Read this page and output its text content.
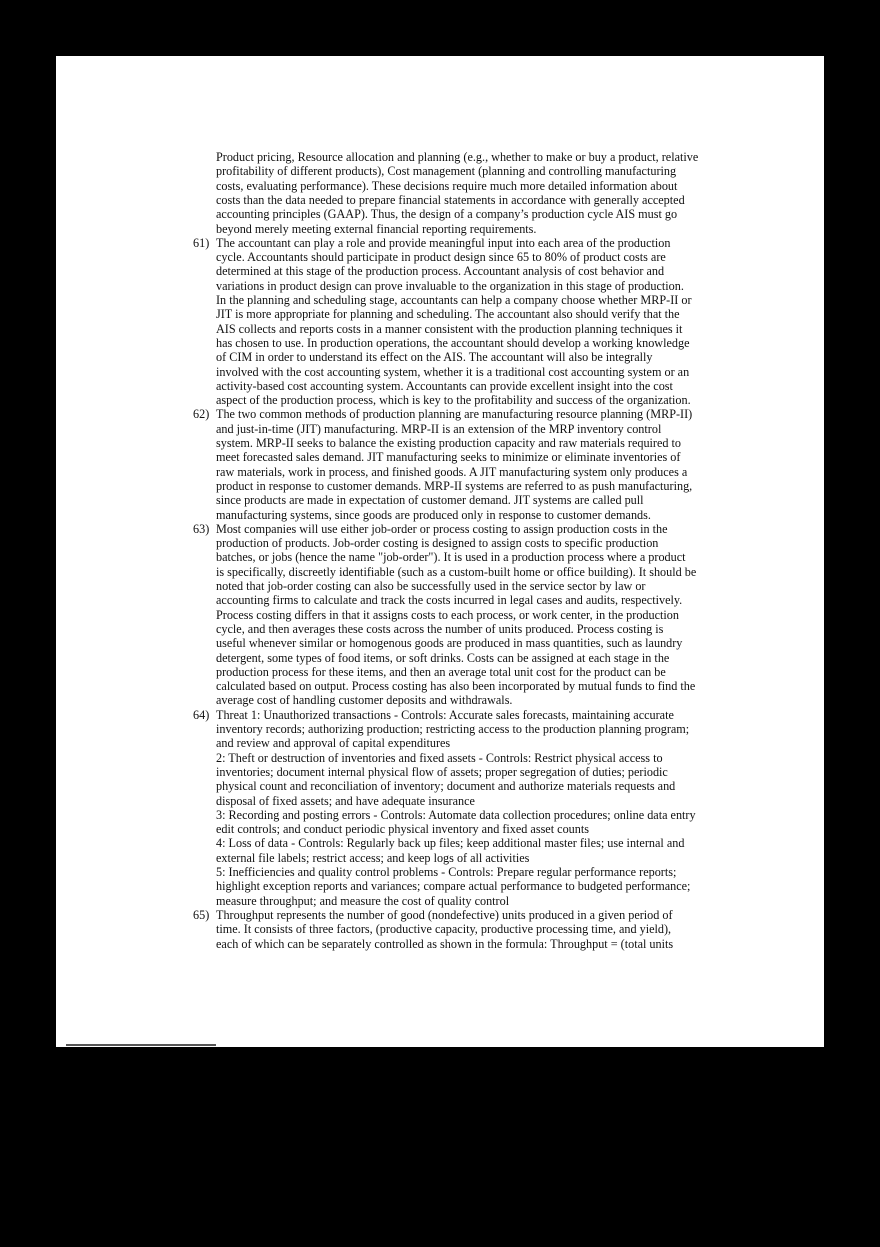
Product pricing, Resource allocation and planning (e.g., whether to make or buy a product, relative
profitability of different products), Cost management (planning and controlling manufacturing
costs, evaluating performance). These decisions require much more detailed information about
costs than the data needed to prepare financial statements in accordance with generally accepted
accounting principles (GAAP). Thus, the design of a company’s production cycle AIS must go
beyond merely meeting external financial reporting requirements.
61) The accountant can play a role and provide meaningful input into each area of the production
cycle. Accountants should participate in product design since 65 to 80% of product costs are
determined at this stage of the production process. Accountant analysis of cost behavior and
variations in product design can prove invaluable to the organization in this stage of production.
In the planning and scheduling stage, accountants can help a company choose whether MRP-II or
JIT is more appropriate for planning and scheduling. The accountant also should verify that the
AIS collects and reports costs in a manner consistent with the production planning techniques it
has chosen to use. In production operations, the accountant should develop a working knowledge
of CIM in order to understand its effect on the AIS. The accountant will also be integrally
involved with the cost accounting system, whether it is a traditional cost accounting system or an
activity-based cost accounting system. Accountants can provide excellent insight into the cost
aspect of the production process, which is key to the profitability and success of the organization.
62) The two common methods of production planning are manufacturing resource planning (MRP-II)
and just-in-time (JIT) manufacturing. MRP-II is an extension of the MRP inventory control
system. MRP-II seeks to balance the existing production capacity and raw materials required to
meet forecasted sales demand. JIT manufacturing seeks to minimize or eliminate inventories of
raw materials, work in process, and finished goods. A JIT manufacturing system only produces a
product in response to customer demands. MRP-II systems are referred to as push manufacturing,
since products are made in expectation of customer demand. JIT systems are called pull
manufacturing systems, since goods are produced only in response to customer demands.
63) Most companies will use either job-order or process costing to assign production costs in the
production of products. Job-order costing is designed to assign costs to specific production
batches, or jobs (hence the name "job-order"). It is used in a production process where a product
is specifically, discreetly identifiable (such as a custom-built home or office building). It should be
noted that job-order costing can also be successfully used in the service sector by law or
accounting firms to calculate and track the costs incurred in legal cases and audits, respectively.
Process costing differs in that it assigns costs to each process, or work center, in the production
cycle, and then averages these costs across the number of units produced. Process costing is
useful whenever similar or homogenous goods are produced in mass quantities, such as laundry
detergent, some types of food items, or soft drinks. Costs can be assigned at each stage in the
production process for these items, and then an average total unit cost for the product can be
calculated based on output. Process costing has also been incorporated by mutual funds to find the
average cost of handling customer deposits and withdrawals.
64) Threat 1: Unauthorized transactions - Controls: Accurate sales forecasts, maintaining accurate
inventory records; authorizing production; restricting access to the production planning program;
and review and approval of capital expenditures
2: Theft or destruction of inventories and fixed assets - Controls: Restrict physical access to
inventories; document internal physical flow of assets; proper segregation of duties; periodic
physical count and reconciliation of inventory; document and authorize materials requests and
disposal of fixed assets; and have adequate insurance
3: Recording and posting errors - Controls: Automate data collection procedures; online data entry
edit controls; and conduct periodic physical inventory and fixed asset counts
4: Loss of data - Controls: Regularly back up files; keep additional master files; use internal and
external file labels; restrict access; and keep logs of all activities
5: Inefficiencies and quality control problems - Controls: Prepare regular performance reports;
highlight exception reports and variances; compare actual performance to budgeted performance;
measure throughput; and measure the cost of quality control
65) Throughput represents the number of good (nondefective) units produced in a given period of
time. It consists of three factors, (productive capacity, productive processing time, and yield),
each of which can be separately controlled as shown in the formula: Throughput = (total units
